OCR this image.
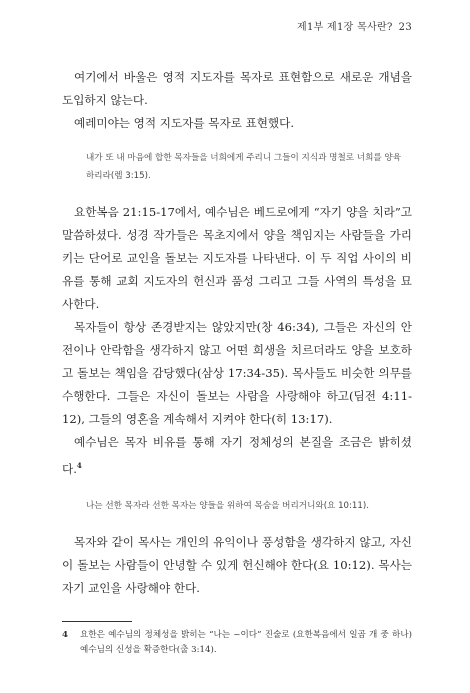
제1부 제1장 목사란? 23

여기에서 바울은 영적 지도자를 목자로 표현함으로 새로운 개념을 도입하지 않는다.

예레미야는 영적 지도자를 목자로 표현했다.

내가 또 내 마음에 합한 목자들을 너희에게 주리니 그들이 지식과 명철로 너희를 양육하리라(렘 3:15).

요한복음 21:15-17에서, 예수님은 베드로에게 “자기 양을 치라”고 말씀하셨다. 성경 작가들은 목초지에서 양을 책임지는 사람들을 가리키는 단어로 교인을 돌보는 지도자를 나타낸다. 이 두 직업 사이의 비유를 통해 교회 지도자의 헌신과 품성 그리고 그들 사역의 특성을 묘사한다.

목자들이 항상 존경받지는 않았지만(창 46:34), 그들은 자신의 안전이나 안락함을 생각하지 않고 어떤 희생을 치르더라도 양을 보호하고 돌보는 책임을 감당했다(삼상 17:34-35). 목사들도 비슷한 의무를 수행한다. 그들은 자신이 돌보는 사람을 사랑해야 하고(딤전 4:11-12), 그들의 영혼을 계속해서 지켜야 한다(히 13:17).

예수님은 목자 비유를 통해 자기 정체성의 본질을 조금은 밝히셨다.$^4$

나는 선한 목자라 선한 목자는 양들을 위하여 목숨을 버리거니와(요 10:11).

목자와 같이 목사는 개인의 유익이나 풍성함을 생각하지 않고, 자신이 돌보는 사람들이 안녕할 수 있게 헌신해야 한다(요 10:12). 목사는 자기 교인을 사랑해야 한다.

4	요한은 예수님의 정체성을 밝히는 “나는 ~이다” 진술로 (요한복음에서 일곱 개 중 하나) 예수님의 신성을 확증한다(출 3:14).
